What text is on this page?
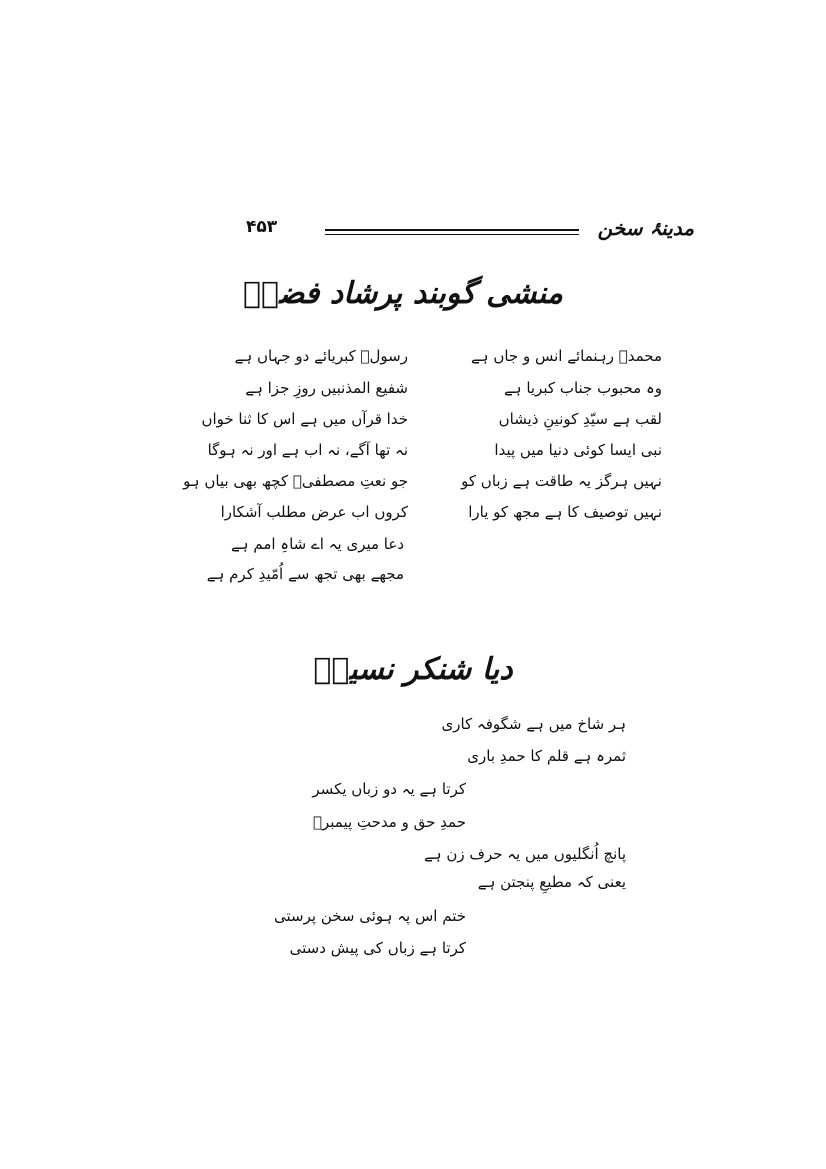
مدینۂ سخن
۴۵۳
منشی گوبند پرشاد فضاؔ
محمدؐ رہنمائے انس و جاں ہے
رسولؐ کبریائے دو جہاں ہے
وہ محبوب جناب کبریا ہے
شفیع المذنبیں روزِ جزا ہے
لقب ہے سیّدِ کونینِ ذیشاں
خدا قرآں میں ہے اس کا ثنا خواں
نبی ایسا کوئی دنیا میں پیدا
نہ تھا آگے، نہ اب ہے اور نہ ہوگا
نہیں ہرگز یہ طاقت ہے زباں کو
جو نعتِ مصطفیؐ کچھ بھی بیاں ہو
نہیں توصیف کا ہے مجھ کو یارا
کروں اب عرض مطلب آشکارا
دعا میری یہ اے شاہِ امم ہے
مجھے بھی تجھ سے اُمّیدِ کرم ہے
دیا شنکر نسیمؔ
ہر شاخ میں ہے شگوفہ کاری
ثمرہ ہے قلم کا حمدِ باری
کرتا ہے یہ دو زباں یکسر
حمدِ حق و مدحتِ پیمبرؐ
پانچ اُنگلیوں میں یہ حرف زن ہے
یعنی کہ مطیعِ پنجتن ہے
ختم اس پہ ہوئی سخن پرستی
کرتا ہے زباں کی پیش دستی
